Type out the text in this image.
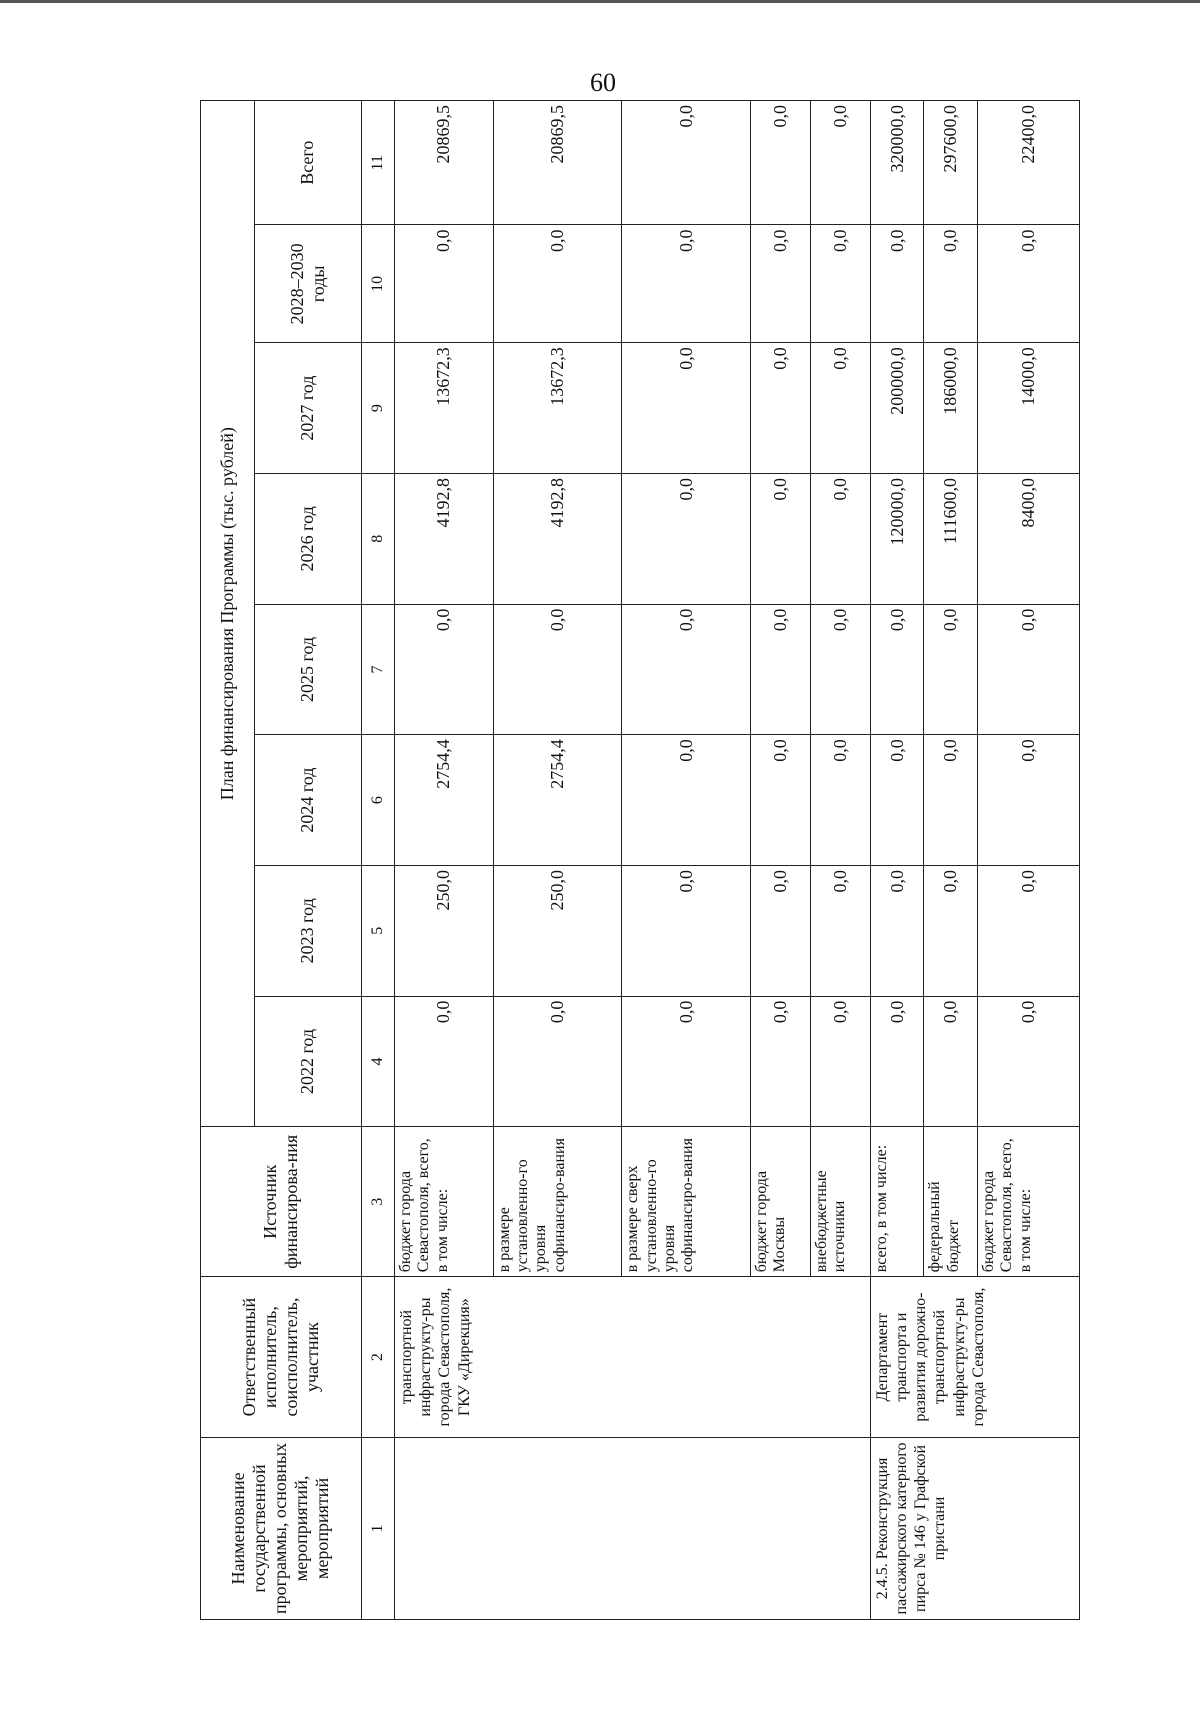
60
Наименование государственной программы, основных мероприятий, мероприятий	Ответственный исполнитель, соисполнитель, участник	Источник финансирова-ния	План финансирования Программы (тыс. рублей)							
			2022 год	2023 год	2024 год	2025 год	2026 год	2027 год	2028–2030 годы	Всего
1	2	3	4	5	6	7	8	9	10	11
	транспортной инфраструкту-ры города Севастополя, ГКУ «Дирекция»	бюджет города Севастополя, всего, в том числе:	0,0	250,0	2754,4	0,0	4192,8	13672,3	0,0	20869,5
		в размере установленно-го уровня софинансиро-вания	0,0	250,0	2754,4	0,0	4192,8	13672,3	0,0	20869,5
		в размере сверх установленно-го уровня софинансиро-вания	0,0	0,0	0,0	0,0	0,0	0,0	0,0	0,0
		бюджет города Москвы	0,0	0,0	0,0	0,0	0,0	0,0	0,0	0,0
		внебюджетные источники	0,0	0,0	0,0	0,0	0,0	0,0	0,0	0,0
2.4.5. Реконструкция пассажирского катерного пирса № 146 у Графской пристани	Департамент транспорта и развития дорожно-транспортной инфраструкту-ры города Севастополя,	всего, в том числе:	0,0	0,0	0,0	0,0	120000,0	200000,0	0,0	320000,0
		федеральный бюджет	0,0	0,0	0,0	0,0	111600,0	186000,0	0,0	297600,0
		бюджет города Севастополя, всего, в том числе:	0,0	0,0	0,0	0,0	8400,0	14000,0	0,0	22400,0
